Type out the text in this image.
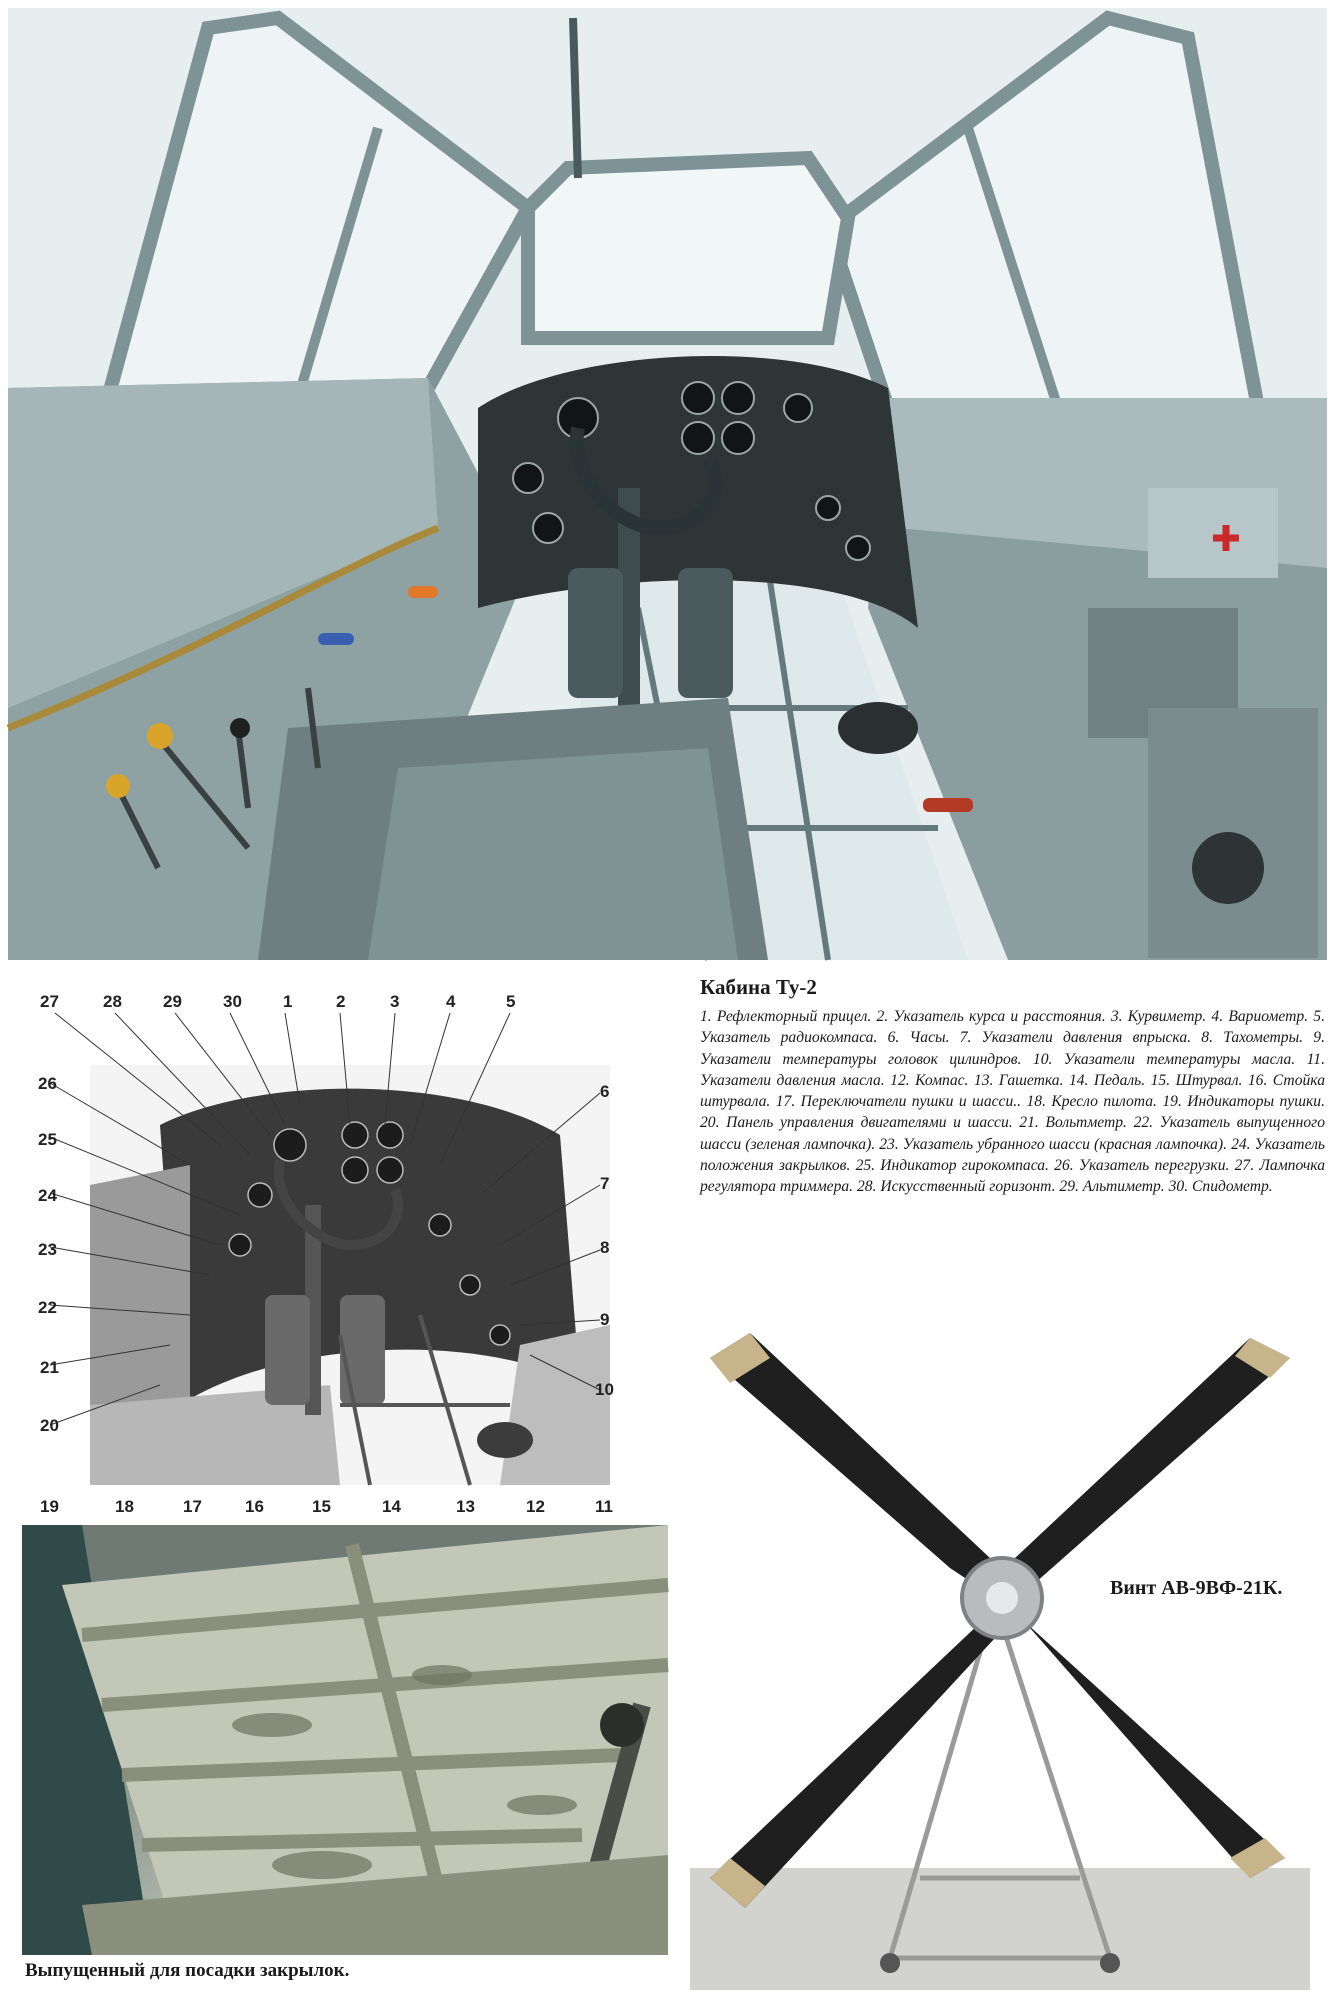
27	28 29 30 1	2	3	4	5
26
25
24
23
22
21
20
6
7
8
9
10
19	18	17	16	15	14	13	12	11
Кабина Ту-2

1. Рефлекторный прицел. 2. Указатель курса и расстояния. 3. Курвиметр. 4. Вариометр. 5. Указатель радиокомпаса. 6. Часы. 7. Указатели давления впрыска. 8. Тахометры. 9. Указатели температуры головок цилиндров. 10. Указатели температуры масла. 11. Указатели давления масла. 12. Компас. 13. Гашетка. 14. Педаль. 15. Штурвал. 16. Стойка штурвала. 17. Переключатели пушки и шасси.. 18. Кресло пилота. 19. Индикаторы пушки. 20. Панель управления двигателями и шасси. 21. Вольтметр. 22. Указатель выпущенного шасси (зеленая лампочка). 23. Указатель убранного шасси (красная лампочка). 24. Указатель положения закрылков. 25. Индикатор гирокомпаса. 26. Указатель перегрузки. 27. Лампочка регулятора триммера. 28. Искусственный горизонт. 29. Альтиметр. 30. Спидометр.

Выпущенный для посадки закрылок.
Винт АВ-9ВФ-21К.
